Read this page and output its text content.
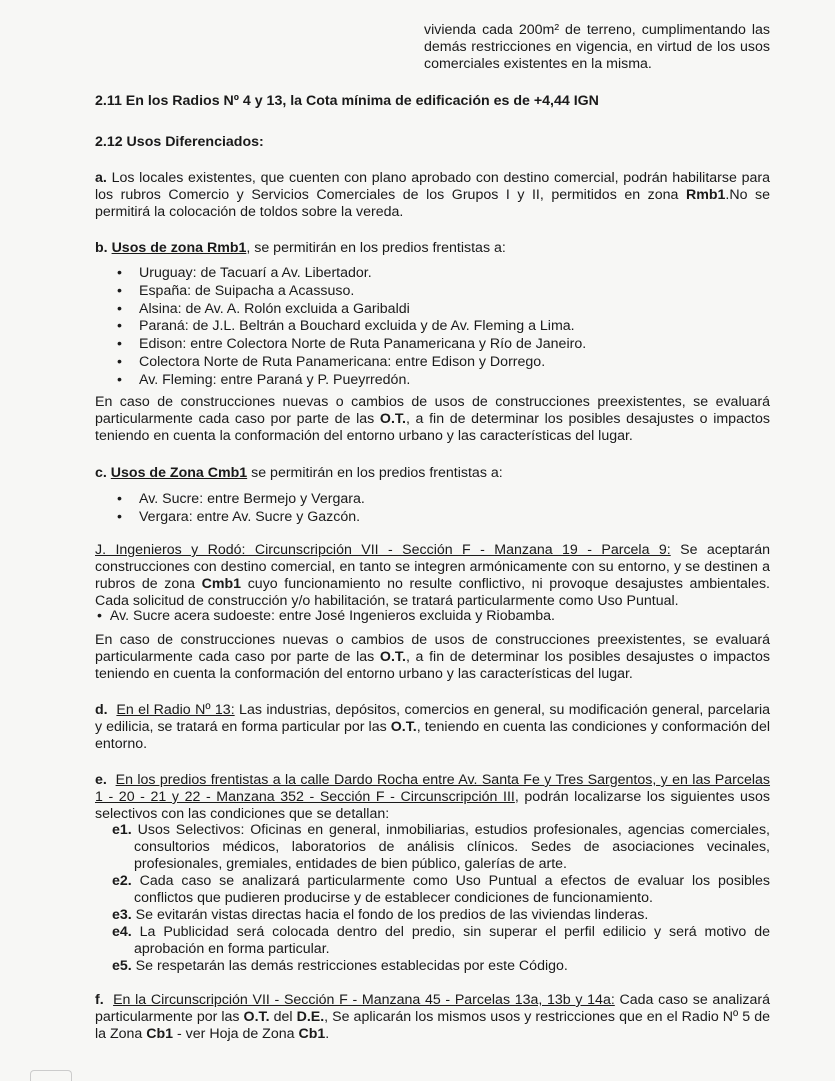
vivienda cada 200m² de terreno, cumplimentando las demás restricciones en vigencia, en virtud de los usos comerciales existentes en la misma.

2.11 En los Radios Nº 4 y 13, la Cota mínima de edificación es de +4,44 IGN

2.12 Usos Diferenciados:

a. Los locales existentes, que cuenten con plano aprobado con destino comercial, podrán habilitarse para los rubros Comercio y Servicios Comerciales de los Grupos I y II, permitidos en zona Rmb1.No se permitirá la colocación de toldos sobre la vereda.

b. Usos de zona Rmb1, se permitirán en los predios frentistas a:

• Uruguay: de Tacuarí a Av. Libertador.
• España: de Suipacha a Acassuso.
• Alsina: de Av. A. Rolón excluida a Garibaldi
• Paraná: de J.L. Beltrán a Bouchard excluida y de Av. Fleming a Lima.
• Edison: entre Colectora Norte de Ruta Panamericana y Río de Janeiro.
• Colectora Norte de Ruta Panamericana: entre Edison y Dorrego.
• Av. Fleming: entre Paraná y P. Pueyrredón.

En caso de construcciones nuevas o cambios de usos de construcciones preexistentes, se evaluará particularmente cada caso por parte de las O.T., a fin de determinar los posibles desajustes o impactos teniendo en cuenta la conformación del entorno urbano y las características del lugar.

c. Usos de Zona Cmb1 se permitirán en los predios frentistas a:

• Av. Sucre: entre Bermejo y Vergara.
• Vergara: entre Av. Sucre y Gazcón.

J. Ingenieros y Rodó: Circunscripción VII - Sección F - Manzana 19 - Parcela 9: Se aceptarán construcciones con destino comercial, en tanto se integren armónicamente con su entorno, y se destinen a rubros de zona Cmb1 cuyo funcionamiento no resulte conflictivo, ni provoque desajustes ambientales. Cada solicitud de construcción y/o habilitación, se tratará particularmente como Uso Puntual.

•  Av. Sucre acera sudoeste: entre José Ingenieros excluida y Riobamba.

En caso de construcciones nuevas o cambios de usos de construcciones preexistentes, se evaluará particularmente cada caso por parte de las O.T., a fin de determinar los posibles desajustes o impactos teniendo en cuenta la conformación del entorno urbano y las características del lugar.

d. En el Radio Nº 13: Las industrias, depósitos, comercios en general, su modificación general, parcelaria y edilicia, se tratará en forma particular por las O.T., teniendo en cuenta las condiciones y conformación del entorno.

e. En los predios frentistas a la calle Dardo Rocha entre Av. Santa Fe y Tres Sargentos, y en las Parcelas 1 - 20 - 21 y 22 - Manzana 352 - Sección F - Circunscripción III, podrán localizarse los siguientes usos selectivos con las condiciones que se detallan:

e1. Usos Selectivos: Oficinas en general, inmobiliarias, estudios profesionales, agencias comerciales, consultorios médicos, laboratorios de análisis clínicos. Sedes de asociaciones vecinales, profesionales, gremiales, entidades de bien público, galerías de arte.

e2. Cada caso se analizará particularmente como Uso Puntual a efectos de evaluar los posibles conflictos que pudieren producirse y de establecer condiciones de funcionamiento.

e3. Se evitarán vistas directas hacia el fondo de los predios de las viviendas linderas.

e4. La Publicidad será colocada dentro del predio, sin superar el perfil edilicio y será motivo de aprobación en forma particular.

e5. Se respetarán las demás restricciones establecidas por este Código.

f. En la Circunscripción VII - Sección F - Manzana 45 - Parcelas 13a, 13b y 14a: Cada caso se analizará particularmente por las O.T. del D.E., Se aplicarán los mismos usos y restricciones que en el Radio Nº 5 de la Zona Cb1 - ver Hoja de Zona Cb1.
